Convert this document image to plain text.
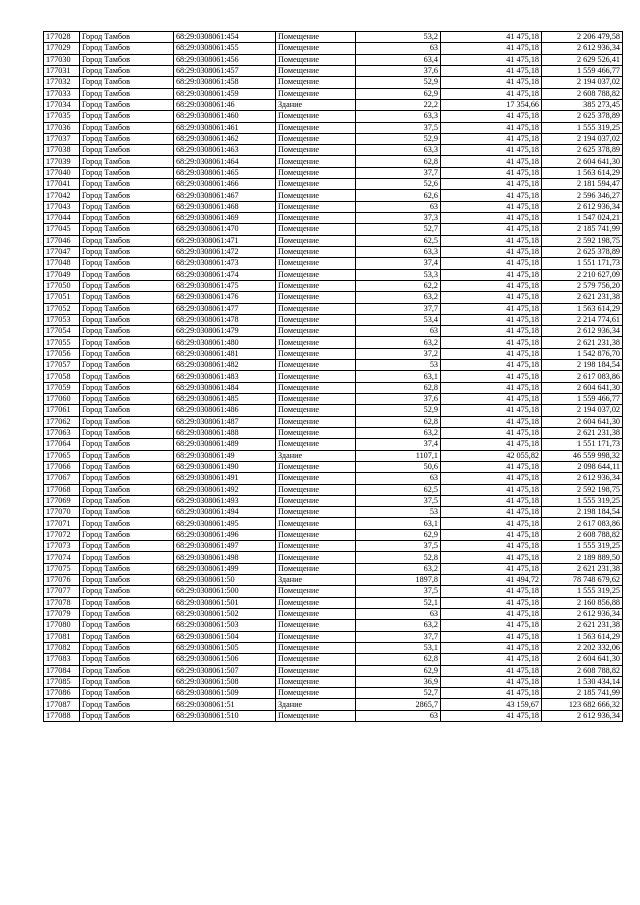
177028	Город Тамбов	68:29:0308061:454	Помещение	53,2	41 475,18	2 206 479,58
177029	Город Тамбов	68:29:0308061:455	Помещение	63	41 475,18	2 612 936,34
177030	Город Тамбов	68:29:0308061:456	Помещение	63,4	41 475,18	2 629 526,41
177031	Город Тамбов	68:29:0308061:457	Помещение	37,6	41 475,18	1 559 466,77
177032	Город Тамбов	68:29:0308061:458	Помещение	52,9	41 475,18	2 194 037,02
177033	Город Тамбов	68:29:0308061:459	Помещение	62,9	41 475,18	2 608 788,82
177034	Город Тамбов	68:29:0308061:46	Здание	22,2	17 354,66	385 273,45
177035	Город Тамбов	68:29:0308061:460	Помещение	63,3	41 475,18	2 625 378,89
177036	Город Тамбов	68:29:0308061:461	Помещение	37,5	41 475,18	1 555 319,25
177037	Город Тамбов	68:29:0308061:462	Помещение	52,9	41 475,18	2 194 037,02
177038	Город Тамбов	68:29:0308061:463	Помещение	63,3	41 475,18	2 625 378,89
177039	Город Тамбов	68:29:0308061:464	Помещение	62,8	41 475,18	2 604 641,30
177040	Город Тамбов	68:29:0308061:465	Помещение	37,7	41 475,18	1 563 614,29
177041	Город Тамбов	68:29:0308061:466	Помещение	52,6	41 475,18	2 181 594,47
177042	Город Тамбов	68:29:0308061:467	Помещение	62,6	41 475,18	2 596 346,27
177043	Город Тамбов	68:29:0308061:468	Помещение	63	41 475,18	2 612 936,34
177044	Город Тамбов	68:29:0308061:469	Помещение	37,3	41 475,18	1 547 024,21
177045	Город Тамбов	68:29:0308061:470	Помещение	52,7	41 475,18	2 185 741,99
177046	Город Тамбов	68:29:0308061:471	Помещение	62,5	41 475,18	2 592 198,75
177047	Город Тамбов	68:29:0308061:472	Помещение	63,3	41 475,18	2 625 378,89
177048	Город Тамбов	68:29:0308061:473	Помещение	37,4	41 475,18	1 551 171,73
177049	Город Тамбов	68:29:0308061:474	Помещение	53,3	41 475,18	2 210 627,09
177050	Город Тамбов	68:29:0308061:475	Помещение	62,2	41 475,18	2 579 756,20
177051	Город Тамбов	68:29:0308061:476	Помещение	63,2	41 475,18	2 621 231,38
177052	Город Тамбов	68:29:0308061:477	Помещение	37,7	41 475,18	1 563 614,29
177053	Город Тамбов	68:29:0308061:478	Помещение	53,4	41 475,18	2 214 774,61
177054	Город Тамбов	68:29:0308061:479	Помещение	63	41 475,18	2 612 936,34
177055	Город Тамбов	68:29:0308061:480	Помещение	63,2	41 475,18	2 621 231,38
177056	Город Тамбов	68:29:0308061:481	Помещение	37,2	41 475,18	1 542 876,70
177057	Город Тамбов	68:29:0308061:482	Помещение	53	41 475,18	2 198 184,54
177058	Город Тамбов	68:29:0308061:483	Помещение	63,1	41 475,18	2 617 083,86
177059	Город Тамбов	68:29:0308061:484	Помещение	62,8	41 475,18	2 604 641,30
177060	Город Тамбов	68:29:0308061:485	Помещение	37,6	41 475,18	1 559 466,77
177061	Город Тамбов	68:29:0308061:486	Помещение	52,9	41 475,18	2 194 037,02
177062	Город Тамбов	68:29:0308061:487	Помещение	62,8	41 475,18	2 604 641,30
177063	Город Тамбов	68:29:0308061:488	Помещение	63,2	41 475,18	2 621 231,38
177064	Город Тамбов	68:29:0308061:489	Помещение	37,4	41 475,18	1 551 171,73
177065	Город Тамбов	68:29:0308061:49	Здание	1107,1	42 055,82	46 559 998,32
177066	Город Тамбов	68:29:0308061:490	Помещение	50,6	41 475,18	2 098 644,11
177067	Город Тамбов	68:29:0308061:491	Помещение	63	41 475,18	2 612 936,34
177068	Город Тамбов	68:29:0308061:492	Помещение	62,5	41 475,18	2 592 198,75
177069	Город Тамбов	68:29:0308061:493	Помещение	37,5	41 475,18	1 555 319,25
177070	Город Тамбов	68:29:0308061:494	Помещение	53	41 475,18	2 198 184,54
177071	Город Тамбов	68:29:0308061:495	Помещение	63,1	41 475,18	2 617 083,86
177072	Город Тамбов	68:29:0308061:496	Помещение	62,9	41 475,18	2 608 788,82
177073	Город Тамбов	68:29:0308061:497	Помещение	37,5	41 475,18	1 555 319,25
177074	Город Тамбов	68:29:0308061:498	Помещение	52,8	41 475,18	2 189 889,50
177075	Город Тамбов	68:29:0308061:499	Помещение	63,2	41 475,18	2 621 231,38
177076	Город Тамбов	68:29:0308061:50	Здание	1897,8	41 494,72	78 748 679,62
177077	Город Тамбов	68:29:0308061:500	Помещение	37,5	41 475,18	1 555 319,25
177078	Город Тамбов	68:29:0308061:501	Помещение	52,1	41 475,18	2 160 856,88
177079	Город Тамбов	68:29:0308061:502	Помещение	63	41 475,18	2 612 936,34
177080	Город Тамбов	68:29:0308061:503	Помещение	63,2	41 475,18	2 621 231,38
177081	Город Тамбов	68:29:0308061:504	Помещение	37,7	41 475,18	1 563 614,29
177082	Город Тамбов	68:29:0308061:505	Помещение	53,1	41 475,18	2 202 332,06
177083	Город Тамбов	68:29:0308061:506	Помещение	62,8	41 475,18	2 604 641,30
177084	Город Тамбов	68:29:0308061:507	Помещение	62,9	41 475,18	2 608 788,82
177085	Город Тамбов	68:29:0308061:508	Помещение	36,9	41 475,18	1 530 434,14
177086	Город Тамбов	68:29:0308061:509	Помещение	52,7	41 475,18	2 185 741,99
177087	Город Тамбов	68:29:0308061:51	Здание	2865,7	43 159,67	123 682 666,32
177088	Город Тамбов	68:29:0308061:510	Помещение	63	41 475,18	2 612 936,34
